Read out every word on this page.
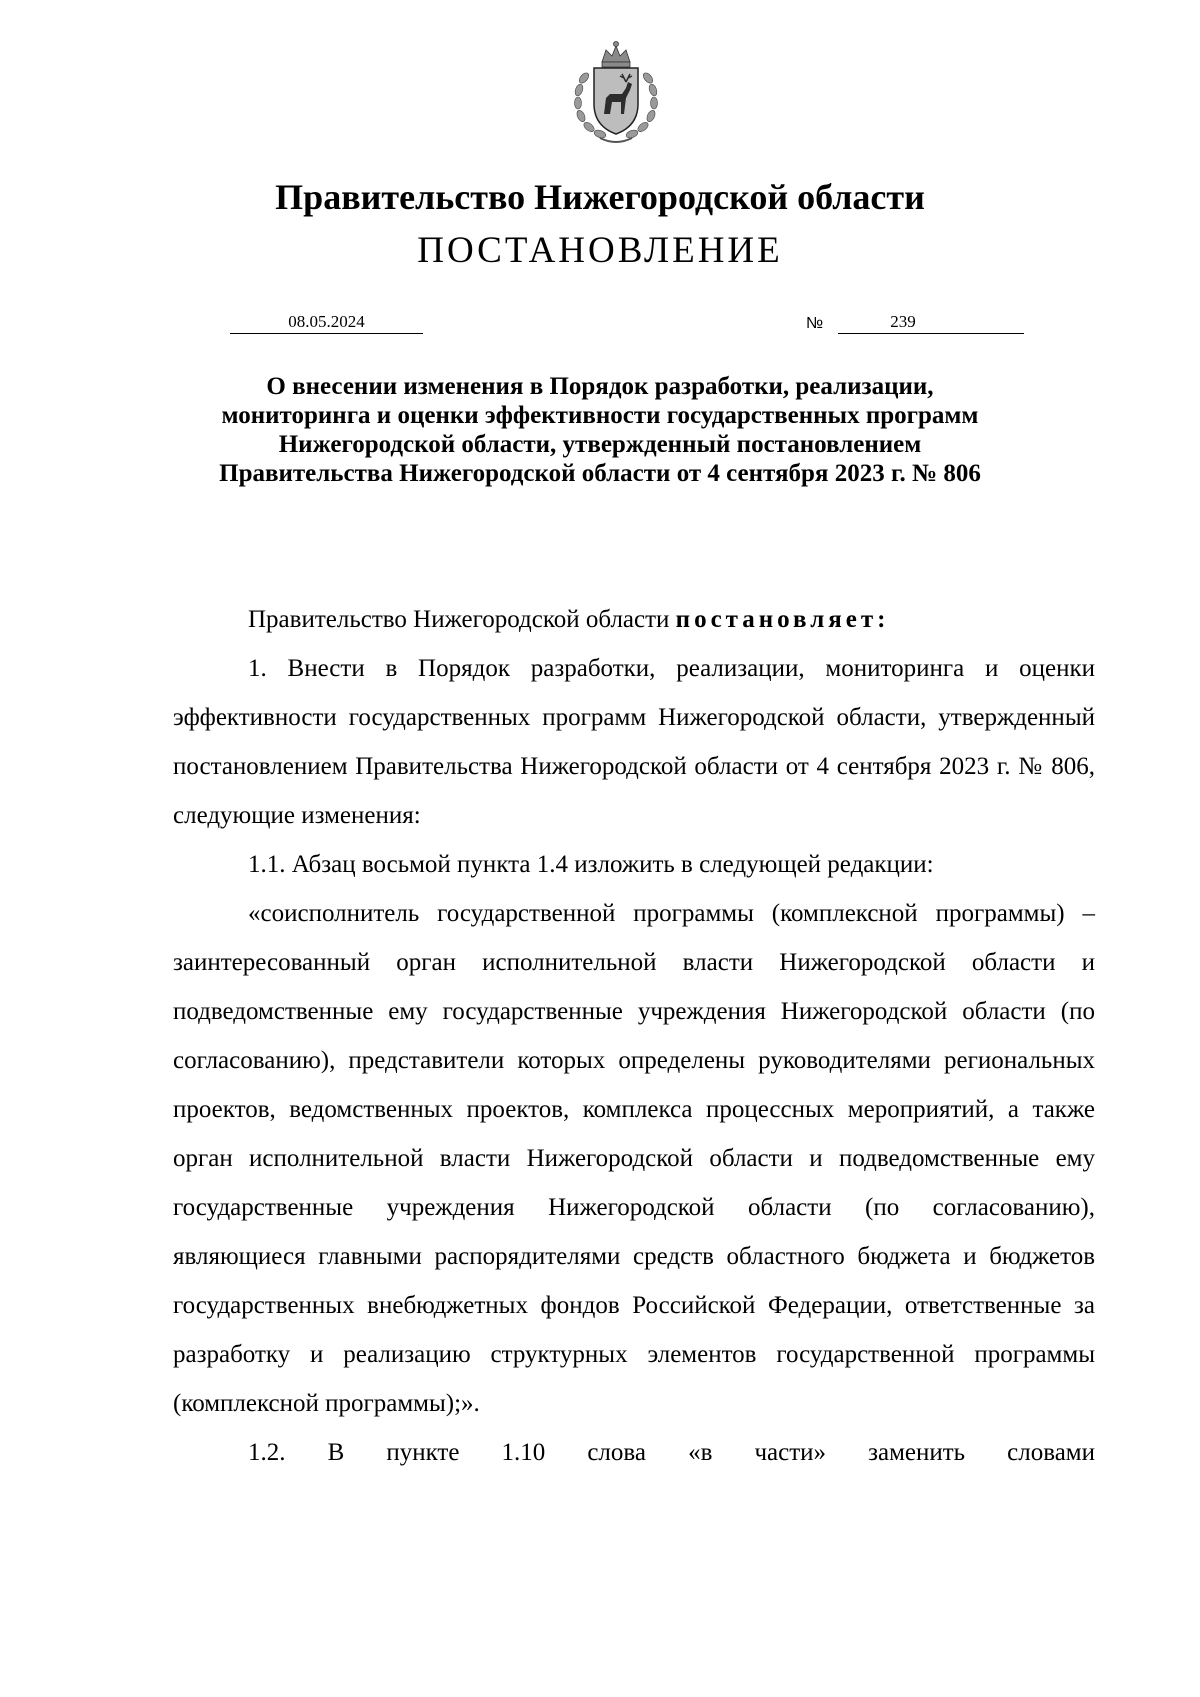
Правительство Нижегородской области
ПОСТАНОВЛЕНИЕ
08.05.2024	№	239
О внесении изменения в Порядок разработки, реализации, мониторинга и оценки эффективности государственных программ Нижегородской области, утвержденный постановлением Правительства Нижегородской области от 4 сентября 2023 г. № 806

Правительство Нижегородской области постановляет:

1. Внести в Порядок разработки, реализации, мониторинга и оценки эффективности государственных программ Нижегородской области, утвержденный постановлением Правительства Нижегородской области от 4 сентября 2023 г. № 806, следующие изменения:

1.1. Абзац восьмой пункта 1.4 изложить в следующей редакции:

«соисполнитель государственной программы (комплексной программы) – заинтересованный орган исполнительной власти Нижегородской области и подведомственные ему государственные учреждения Нижегородской области (по согласованию), представители которых определены руководителями региональных проектов, ведомственных проектов, комплекса процессных мероприятий, а также орган исполнительной власти Нижегородской области и подведомственные ему государственные учреждения Нижегородской области (по согласованию), являющиеся главными распорядителями средств областного бюджета и бюджетов государственных внебюджетных фондов Российской Федерации, ответственные за разработку и реализацию структурных элементов государственной программы (комплексной программы);».

1.2. В пункте 1.10 слова «в части» заменить словами
